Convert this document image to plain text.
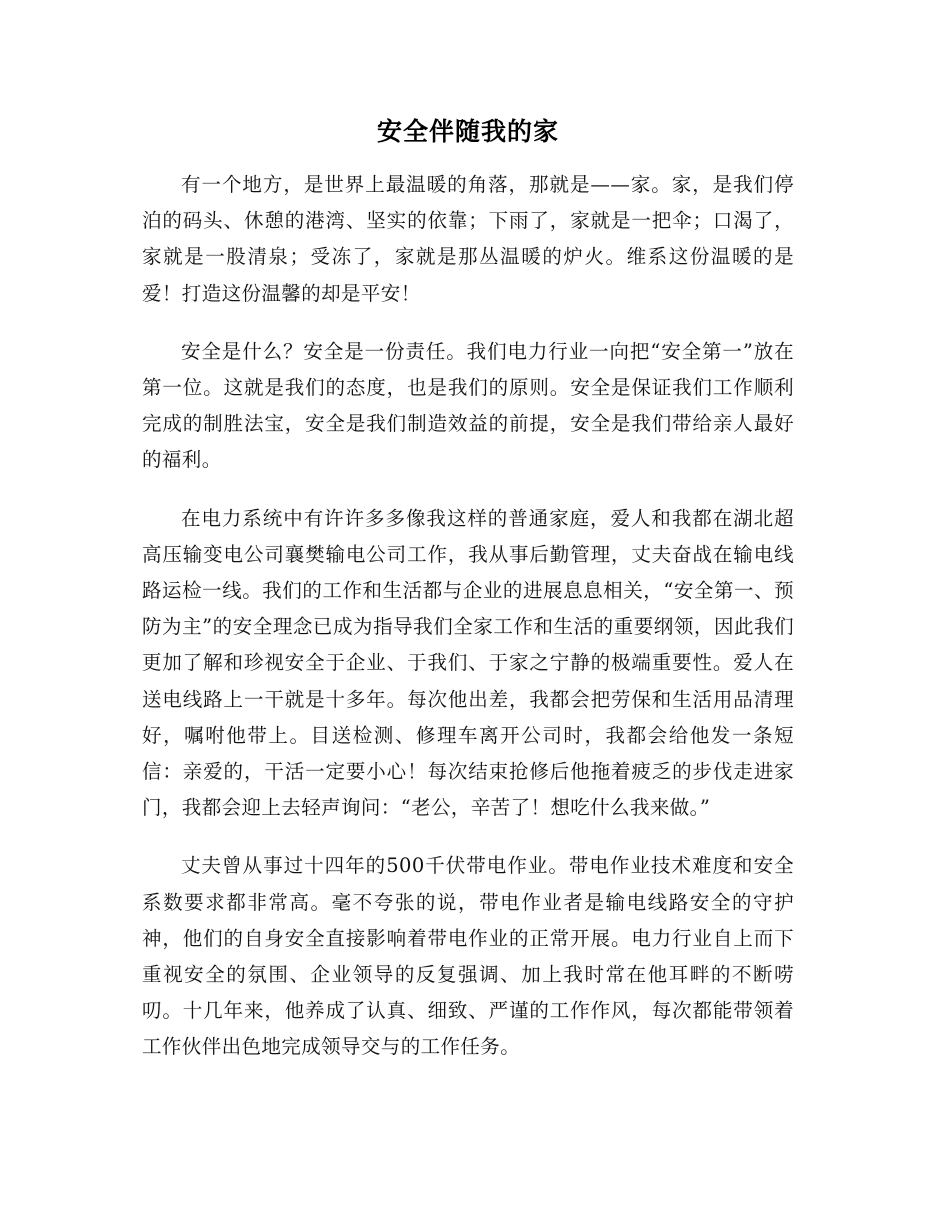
安全伴随我的家

有一个地方，是世界上最温暖的角落，那就是——家。家，是我们停泊的码头、休憩的港湾、坚实的依靠；下雨了，家就是一把伞；口渴了，家就是一股清泉；受冻了，家就是那丛温暖的炉火。维系这份温暖的是爱！打造这份温馨的却是平安！

安全是什么？安全是一份责任。我们电力行业一向把“安全第一”放在第一位。这就是我们的态度，也是我们的原则。安全是保证我们工作顺利完成的制胜法宝，安全是我们制造效益的前提，安全是我们带给亲人最好的福利。

在电力系统中有许许多多像我这样的普通家庭，爱人和我都在湖北超高压输变电公司襄樊输电公司工作，我从事后勤管理，丈夫奋战在输电线路运检一线。我们的工作和生活都与企业的进展息息相关，“安全第一、预防为主”的安全理念已成为指导我们全家工作和生活的重要纲领，因此我们更加了解和珍视安全于企业、于我们、于家之宁静的极端重要性。爱人在送电线路上一干就是十多年。每次他出差，我都会把劳保和生活用品清理好，嘱咐他带上。目送检测、修理车离开公司时，我都会给他发一条短信：亲爱的，干活一定要小心！每次结束抢修后他拖着疲乏的步伐走进家门，我都会迎上去轻声询问：“老公，辛苦了！想吃什么我来做。”

丈夫曾从事过十四年的500千伏带电作业。带电作业技术难度和安全系数要求都非常高。毫不夸张的说，带电作业者是输电线路安全的守护神，他们的自身安全直接影响着带电作业的正常开展。电力行业自上而下重视安全的氛围、企业领导的反复强调、加上我时常在他耳畔的不断唠叨。十几年来，他养成了认真、细致、严谨的工作作风，每次都能带领着工作伙伴出色地完成领导交与的工作任务。
